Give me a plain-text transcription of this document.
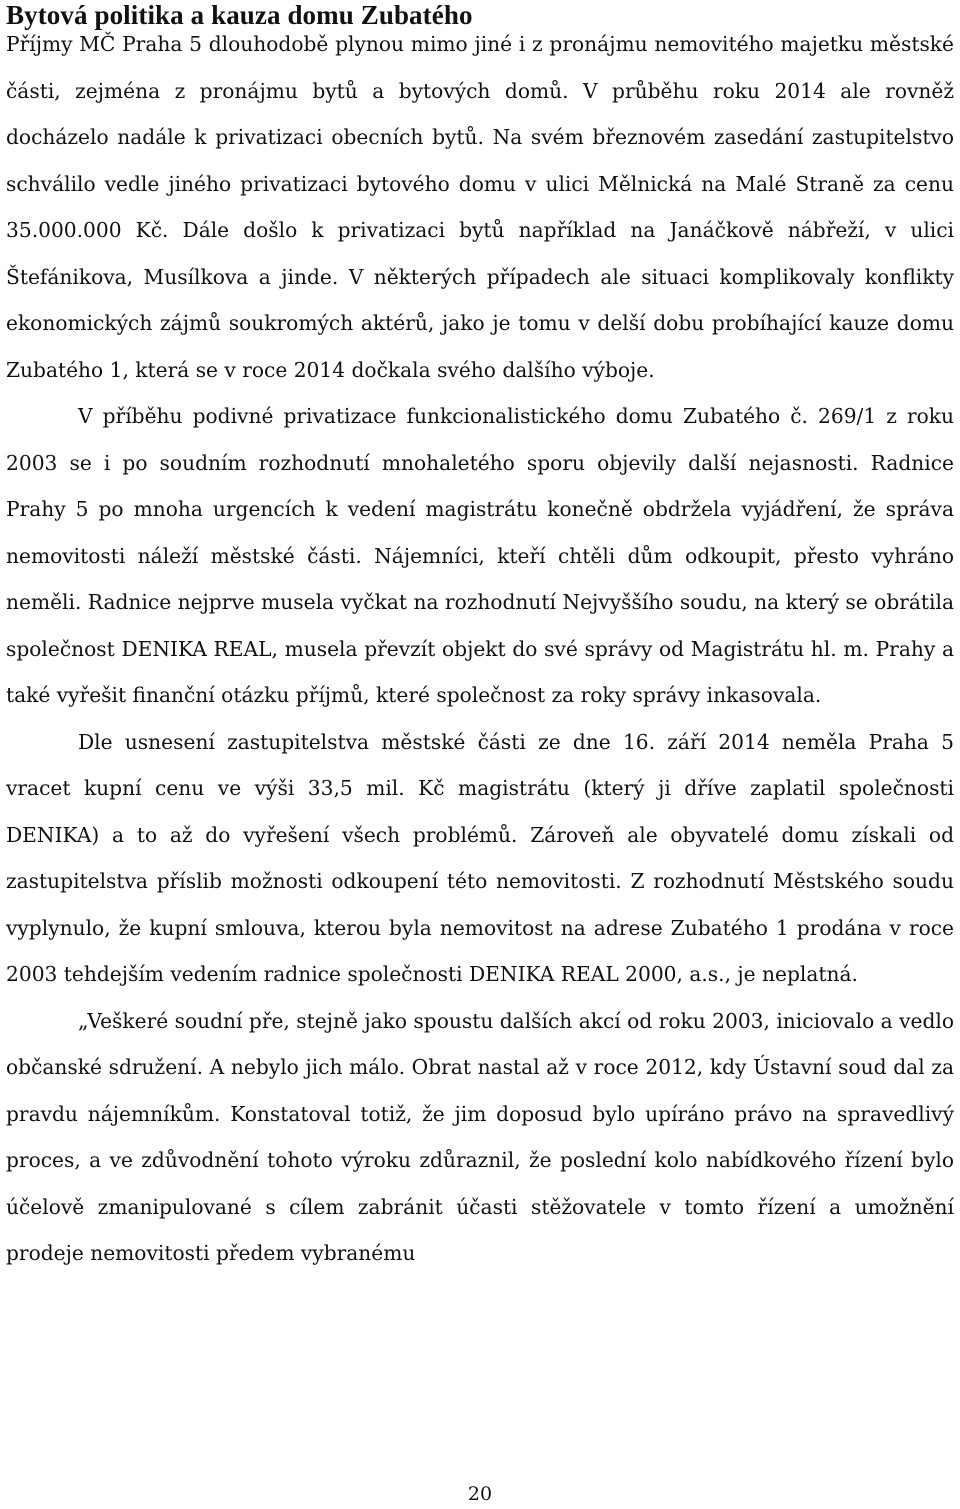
Bytová politika a kauza domu Zubatého

Příjmy MČ Praha 5 dlouhodobě plynou mimo jiné i z pronájmu nemovitého majetku městské části, zejména z pronájmu bytů a bytových domů. V průběhu roku 2014 ale rovněž docházelo nadále k privatizaci obecních bytů. Na svém březnovém zasedání zastupitelstvo schválilo vedle jiného privatizaci bytového domu v ulici Mělnická na Malé Straně za cenu 35.000.000 Kč. Dále došlo k privatizaci bytů například na Janáčkově nábřeží, v ulici Štefánikova, Musílkova a jinde. V některých případech ale situaci komplikovaly konflikty ekonomických zájmů soukromých aktérů, jako je tomu v delší dobu probíhající kauze domu Zubatého 1, která se v roce 2014 dočkala svého dalšího výboje.

V příběhu podivné privatizace funkcionalistického domu Zubatého č. 269/1 z roku 2003 se i po soudním rozhodnutí mnohaletého sporu objevily další nejasnosti. Radnice Prahy 5 po mnoha urgencích k vedení magistrátu konečně obdržela vyjádření, že správa nemovitosti náleží městské části. Nájemníci, kteří chtěli dům odkoupit, přesto vyhráno neměli. Radnice nejprve musela vyčkat na rozhodnutí Nejvyššího soudu, na který se obrátila společnost DENIKA REAL, musela převzít objekt do své správy od Magistrátu hl. m. Prahy a také vyřešit finanční otázku příjmů, které společnost za roky správy inkasovala.

Dle usnesení zastupitelstva městské části ze dne 16. září 2014 neměla Praha 5 vracet kupní cenu ve výši 33,5 mil. Kč magistrátu (který ji dříve zaplatil společnosti DENIKA) a to až do vyřešení všech problémů. Zároveň ale obyvatelé domu získali od zastupitelstva příslib možnosti odkoupení této nemovitosti. Z rozhodnutí Městského soudu vyplynulo, že kupní smlouva, kterou byla nemovitost na adrese Zubatého 1 prodána v roce 2003 tehdejším vedením radnice společnosti DENIKA REAL 2000, a.s., je neplatná.

„Veškeré soudní pře, stejně jako spoustu dalších akcí od roku 2003, iniciovalo a vedlo občanské sdružení. A nebylo jich málo. Obrat nastal až v roce 2012, kdy Ústavní soud dal za pravdu nájemníkům. Konstatoval totiž, že jim doposud bylo upíráno právo na spravedlivý proces, a ve zdůvodnění tohoto výroku zdůraznil, že poslední kolo nabídkového řízení bylo účelově zmanipulované s cílem zabránit účasti stěžovatele v tomto řízení a umožnění prodeje nemovitosti předem vybranému

20
